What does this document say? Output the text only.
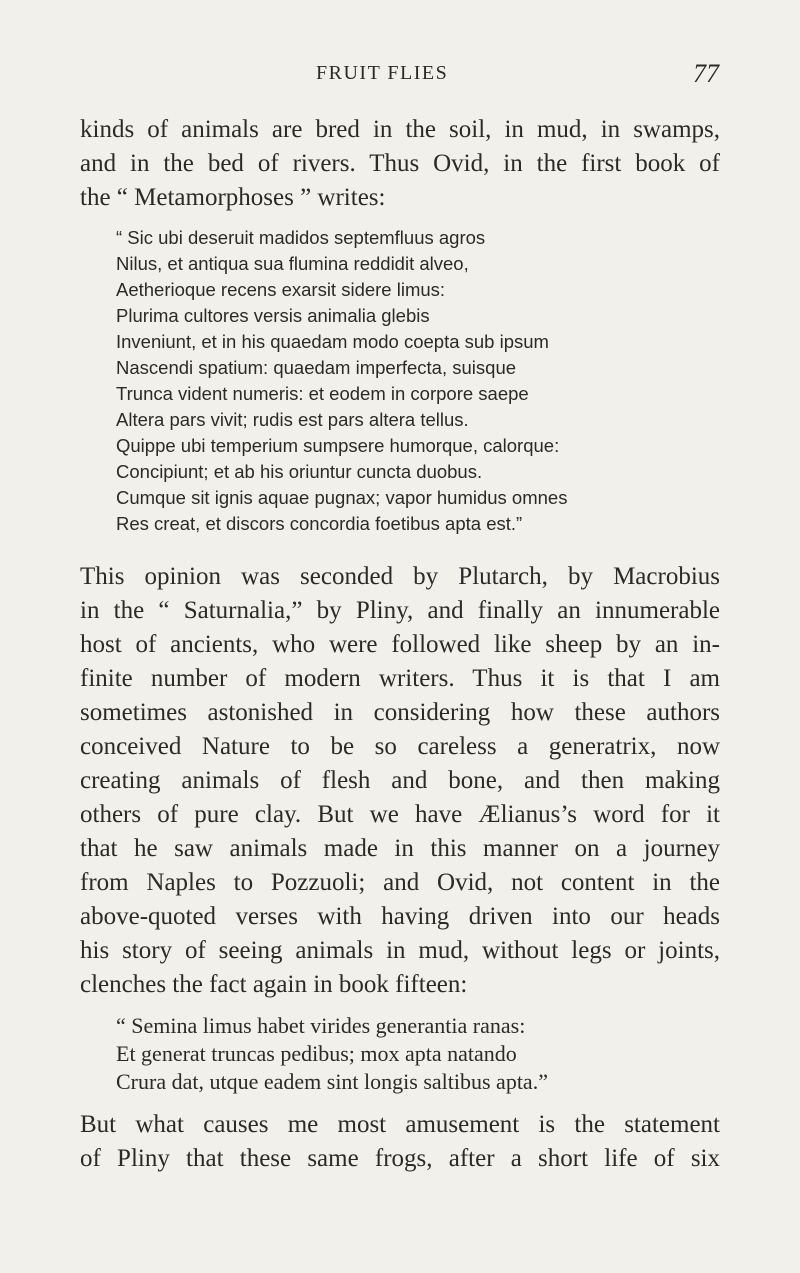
FRUIT FLIES	77
kinds of animals are bred in the soil, in mud, in swamps,
and in the bed of rivers. Thus Ovid, in the first book of
the “ Metamorphoses ” writes:
“ Sic ubi deseruit madidos septemfluus agros
Nilus, et antiqua sua flumina reddidit alveo,
Aetherioque recens exarsit sidere limus:
Plurima cultores versis animalia glebis
Inveniunt, et in his quaedam modo coepta sub ipsum
Nascendi spatium: quaedam imperfecta, suisque
Trunca vident numeris: et eodem in corpore saepe
Altera pars vivit; rudis est pars altera tellus.
Quippe ubi temperium sumpsere humorque, calorque:
Concipiunt; et ab his oriuntur cuncta duobus.
Cumque sit ignis aquae pugnax; vapor humidus omnes
Res creat, et discors concordia foetibus apta est.”
This opinion was seconded by Plutarch, by Macrobius
in the “ Saturnalia,” by Pliny, and finally an innumerable
host of ancients, who were followed like sheep by an in-
finite number of modern writers. Thus it is that I am
sometimes astonished in considering how these authors
conceived Nature to be so careless a generatrix, now
creating animals of flesh and bone, and then making
others of pure clay. But we have Ælianus’s word for it
that he saw animals made in this manner on a journey
from Naples to Pozzuoli; and Ovid, not content in the
above-quoted verses with having driven into our heads
his story of seeing animals in mud, without legs or joints,
clenches the fact again in book fifteen:
“ Semina limus habet virides generantia ranas:
Et generat truncas pedibus; mox apta natando
Crura dat, utque eadem sint longis saltibus apta.”
But what causes me most amusement is the statement
of Pliny that these same frogs, after a short life of six
